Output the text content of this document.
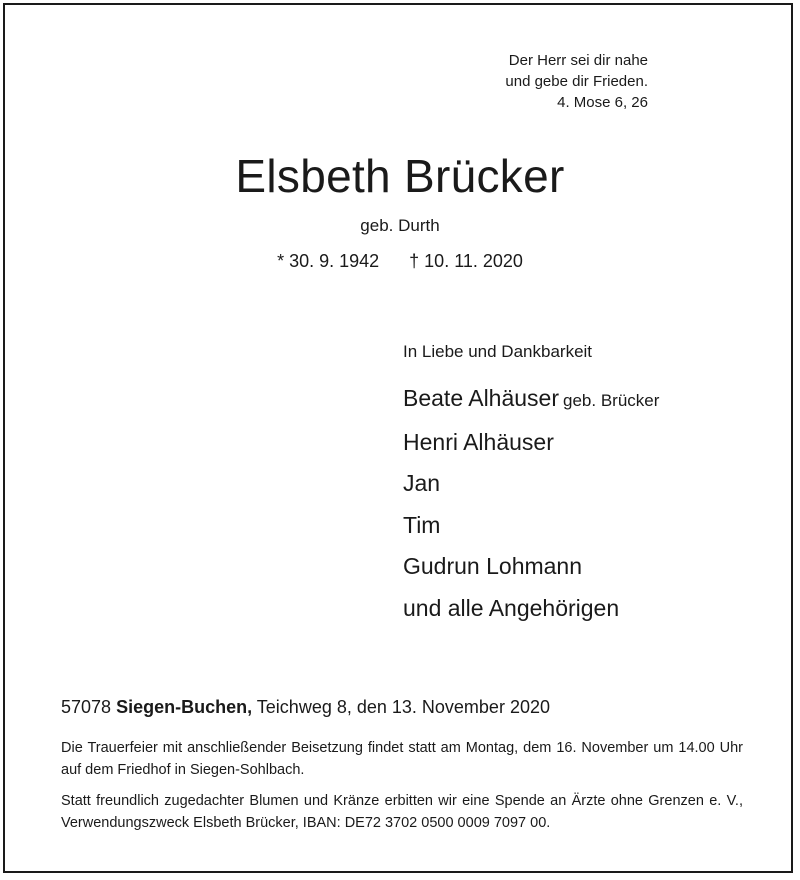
Der Herr sei dir nahe
und gebe dir Frieden.
4. Mose 6, 26
Elsbeth Brücker
geb. Durth
* 30. 9. 1942 † 10. 11. 2020
In Liebe und Dankbarkeit
Beate Alhäuser geb. Brücker
Henri Alhäuser
Jan
Tim
Gudrun Lohmann
und alle Angehörigen
57078 Siegen-Buchen, Teichweg 8, den 13. November 2020
Die Trauerfeier mit anschließender Beisetzung findet statt am Montag, dem 16. November um 14.00 Uhr auf dem Friedhof in Siegen-Sohlbach.
Statt freundlich zugedachter Blumen und Kränze erbitten wir eine Spende an Ärzte ohne Grenzen e. V., Verwendungszweck Elsbeth Brücker, IBAN: DE72 3702 0500 0009 7097 00.
